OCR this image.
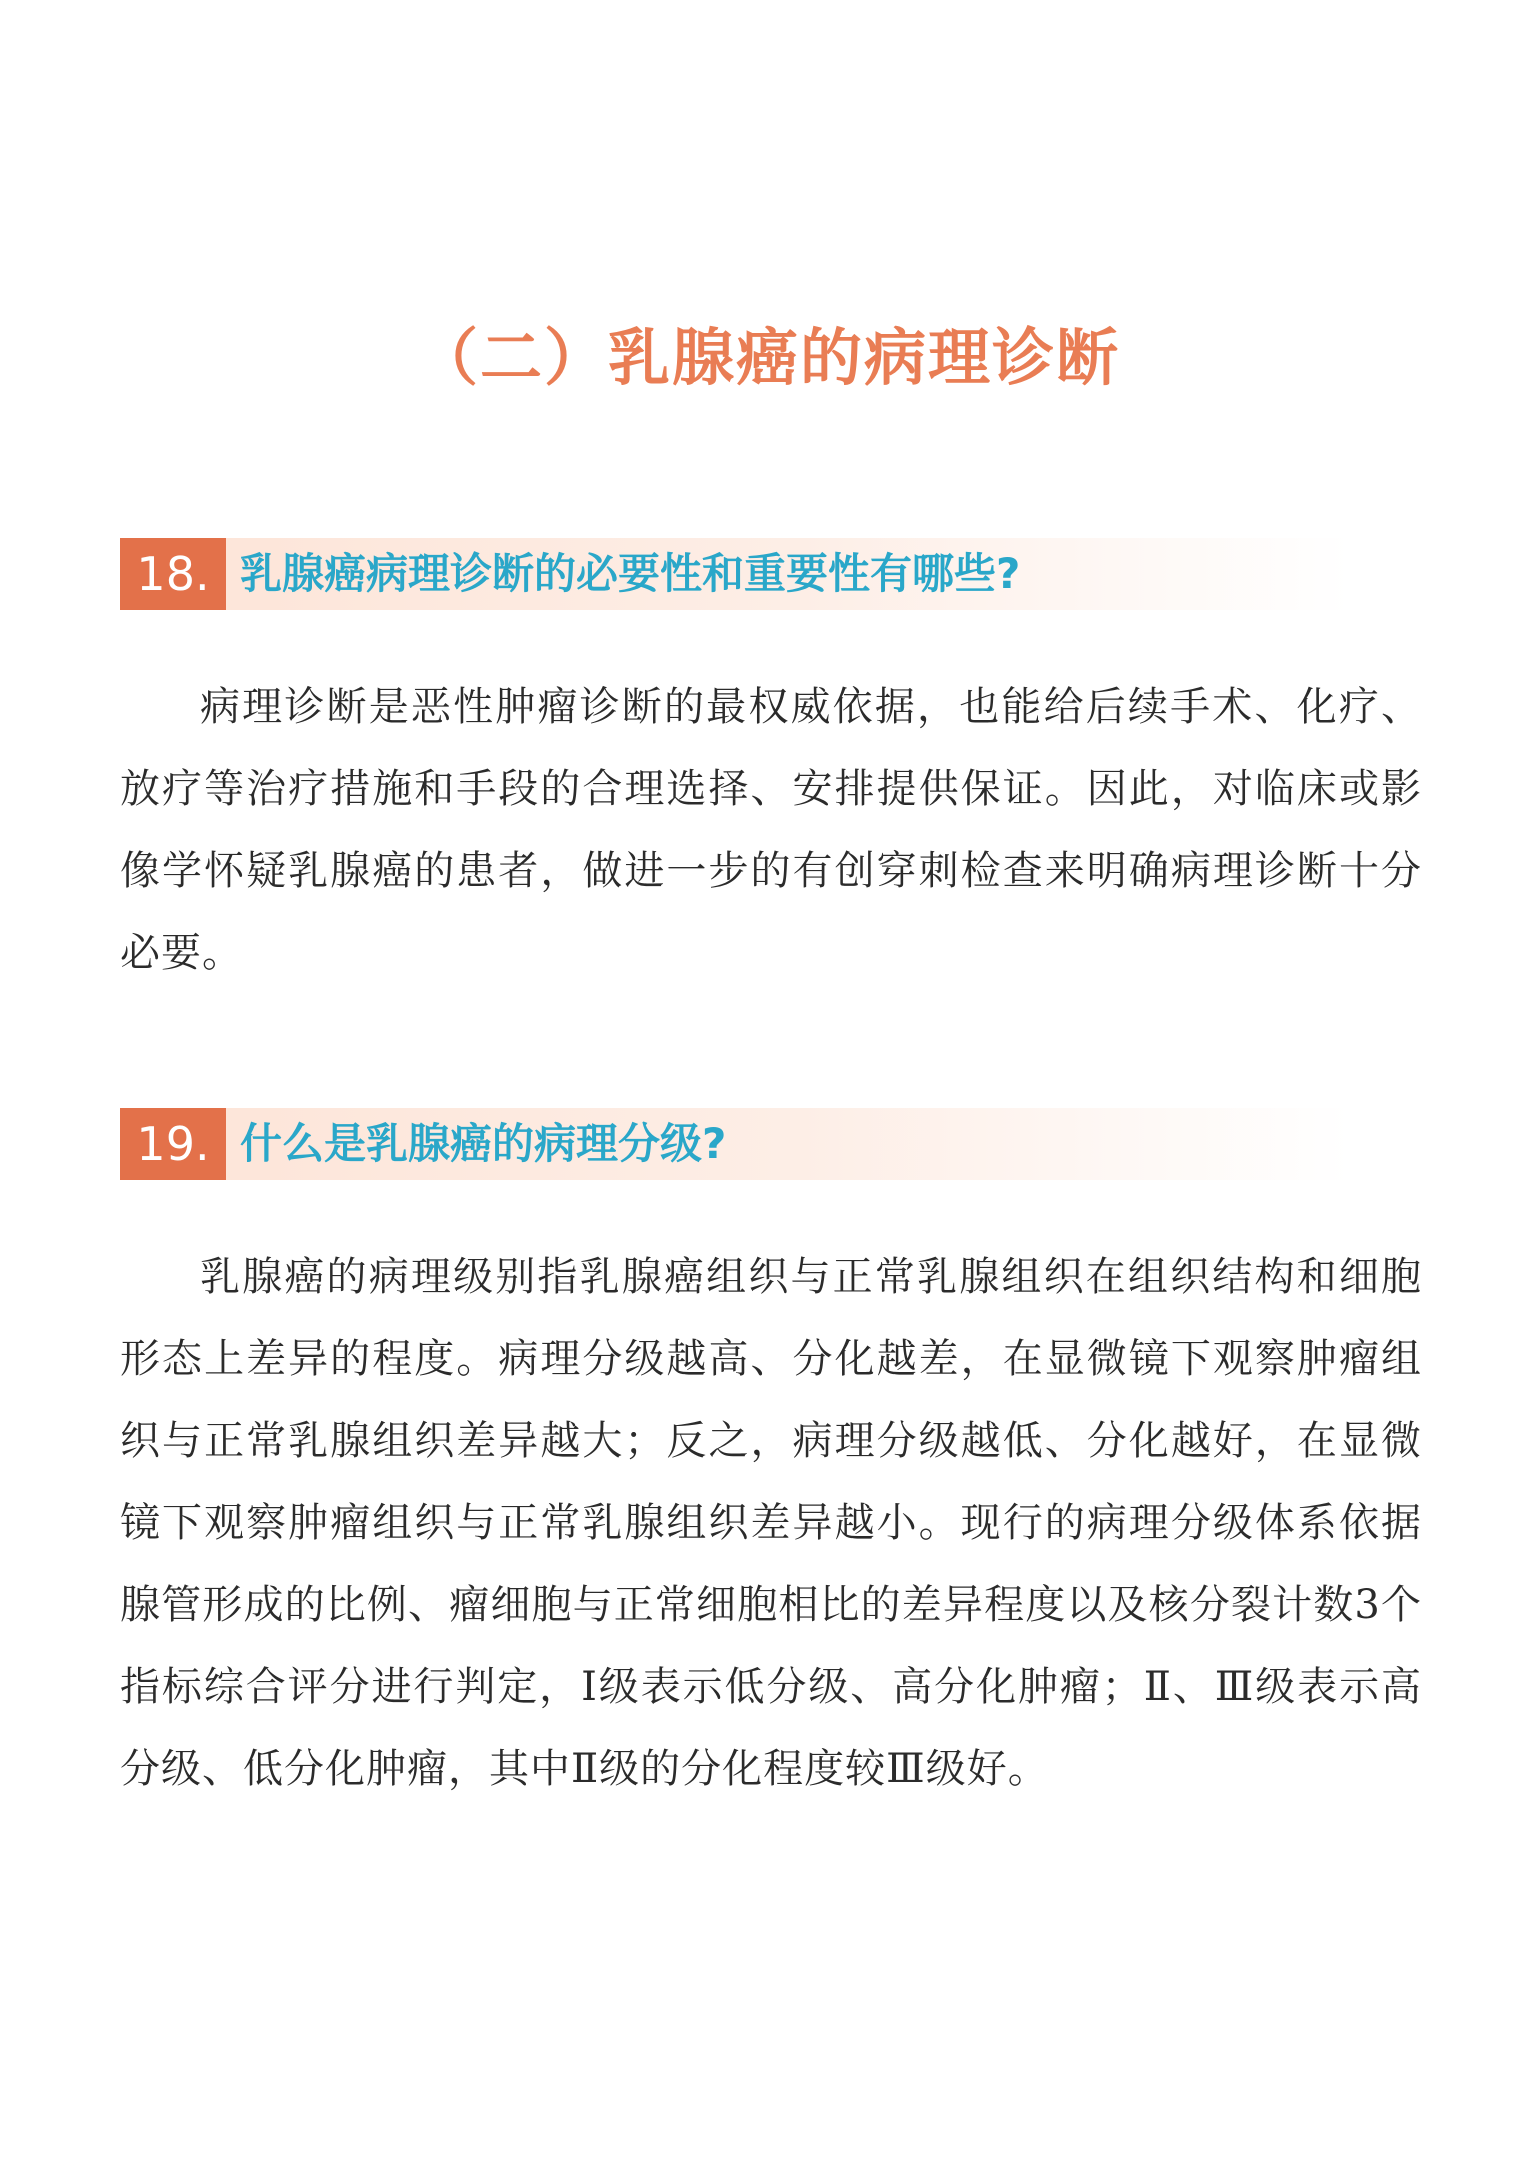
（二）乳腺癌的病理诊断
18. 乳腺癌病理诊断的必要性和重要性有哪些?

病理诊断是恶性肿瘤诊断的最权威依据，也能给后续手术、化疗、放疗等治疗措施和手段的合理选择、安排提供保证。因此，对临床或影像学怀疑乳腺癌的患者，做进一步的有创穿刺检查来明确病理诊断十分必要。

19. 什么是乳腺癌的病理分级?

乳腺癌的病理级别指乳腺癌组织与正常乳腺组织在组织结构和细胞形态上差异的程度。病理分级越高、分化越差，在显微镜下观察肿瘤组织与正常乳腺组织差异越大；反之，病理分级越低、分化越好，在显微镜下观察肿瘤组织与正常乳腺组织差异越小。现行的病理分级体系依据腺管形成的比例、瘤细胞与正常细胞相比的差异程度以及核分裂计数3个指标综合评分进行判定，Ⅰ级表示低分级、高分化肿瘤；Ⅱ、Ⅲ级表示高分级、低分化肿瘤，其中Ⅱ级的分化程度较Ⅲ级好。
